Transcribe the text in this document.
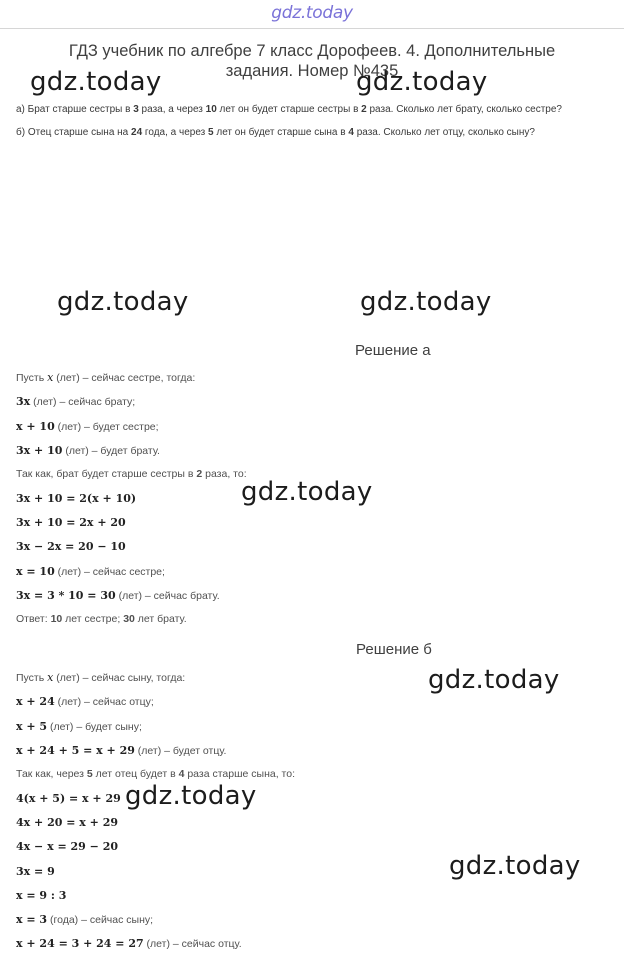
gdz.today
ГДЗ учебник по алгебре 7 класс Дорофеев. 4. Дополнительные
задания. Номер №435
gdz.today	gdz.today
а) Брат старше сестры в 3 раза, а через 10 лет он будет старше сестры в 2 раза. Сколько лет брату, сколько сестре?
б) Отец старше сына на 24 года, а через 5 лет он будет старше сына в 4 раза. Сколько лет отцу, сколько сыну?
gdz.today	gdz.today
Решение а
Пусть x (лет) – сейчас сестре, тогда:
3x (лет) – сейчас брату;
x + 10 (лет) – будет сестре;
3x + 10 (лет) – будет брату.
Так как, брат будет старше сестры в 2 раза, то:
3x + 10 = 2(x + 10)
3x + 10 = 2x + 20
3x − 2x = 20 − 10
x = 10 (лет) – сейчас сестре;
3x = 3 * 10 = 30 (лет) – сейчас брату.
Ответ: 10 лет сестре; 30 лет брату.
gdz.today
Решение б
gdz.today
Пусть x (лет) – сейчас сыну, тогда:
x + 24 (лет) – сейчас отцу;
x + 5 (лет) – будет сыну;
x + 24 + 5 = x + 29 (лет) – будет отцу.
Так как, через 5 лет отец будет в 4 раза старше сына, то:
4(x + 5) = x + 29 gdz.today
4x + 20 = x + 29
4x − x = 29 − 20
gdz.today
3x = 9
x = 9 : 3
x = 3 (года) – сейчас сыну;
x + 24 = 3 + 24 = 27 (лет) – сейчас отцу.
